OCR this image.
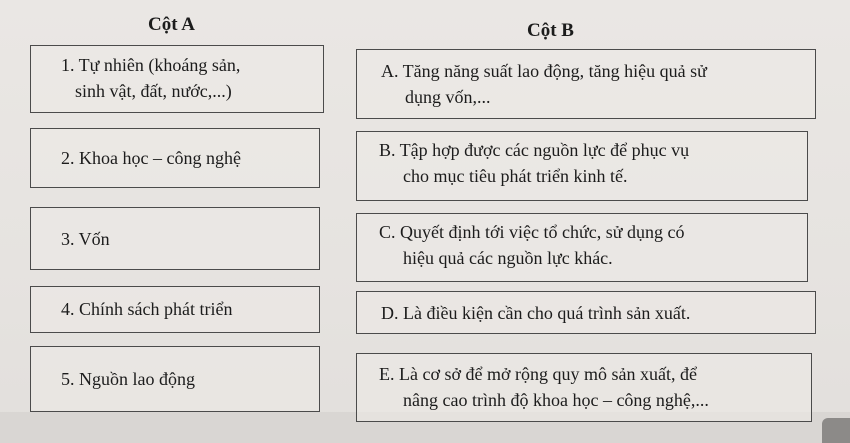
Cột A	Cột B
1. Tự nhiên (khoáng sản,
sinh vật, đất, nước,...)
2. Khoa học – công nghệ
3. Vốn
4. Chính sách phát triển
5. Nguồn lao động
A. Tăng năng suất lao động, tăng hiệu quả sử
dụng vốn,...
B. Tập hợp được các nguồn lực để phục vụ
cho mục tiêu phát triển kinh tế.
C. Quyết định tới việc tổ chức, sử dụng có
hiệu quả các nguồn lực khác.
D. Là điều kiện cần cho quá trình sản xuất.
E. Là cơ sở để mở rộng quy mô sản xuất, để
nâng cao trình độ khoa học – công nghệ,...
